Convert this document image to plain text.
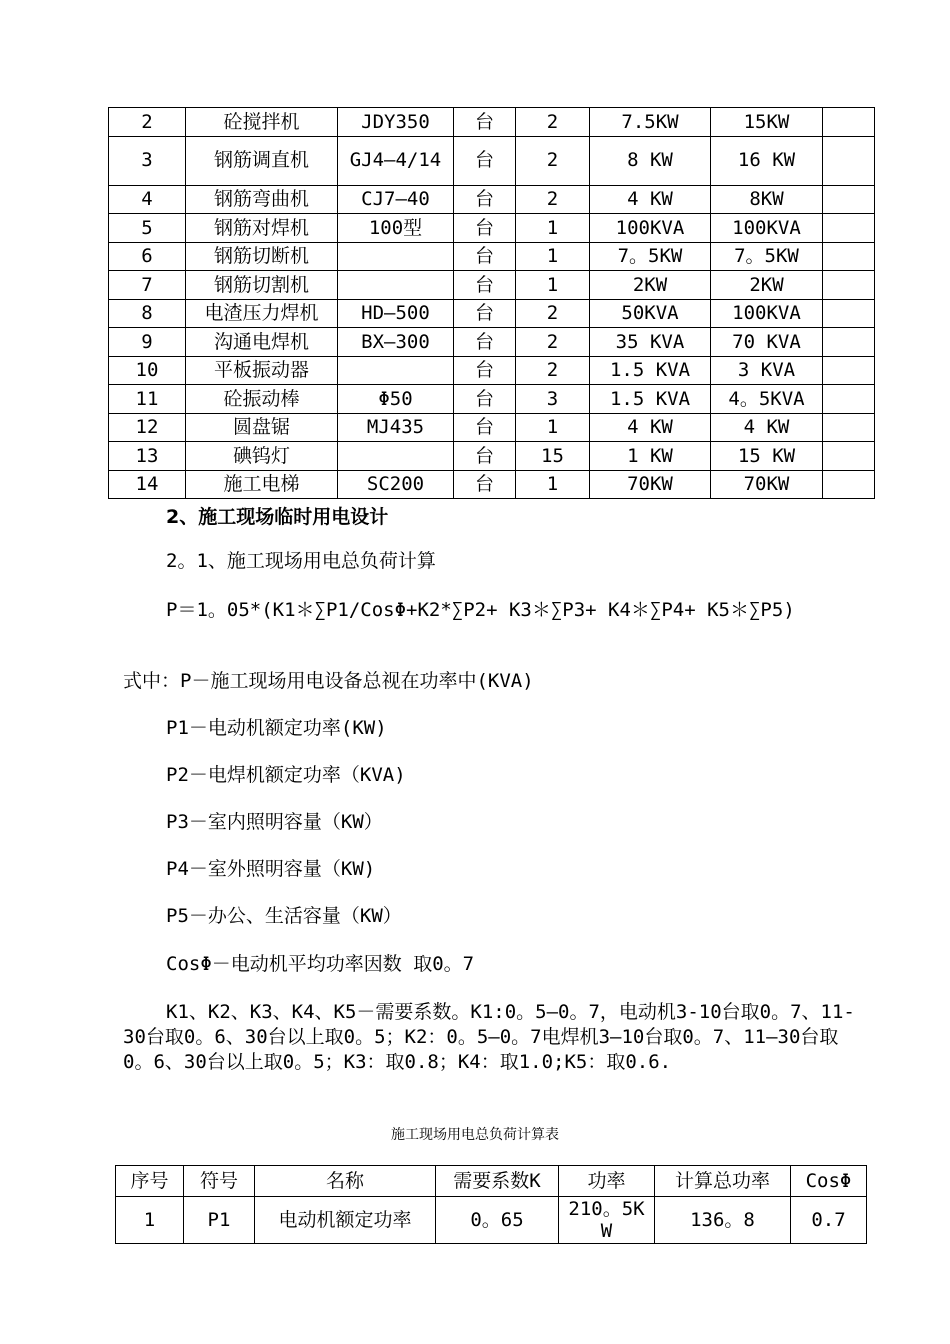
2	砼搅拌机	JDY350	台	2	7.5KW	15KW	
3	钢筋调直机	GJ4—4/14	台	2	8 KW	16 KW	
4	钢筋弯曲机	CJ7—40	台	2	4 KW	8KW	
5	钢筋对焊机	100型	台	1	100KVA	100KVA	
6	钢筋切断机		台	1	7。5KW	7。5KW	
7	钢筋切割机		台	1	2KW	2KW	
8	电渣压力焊机	HD—500	台	2	50KVA	100KVA	
9	沟通电焊机	BX—300	台	2	35 KVA	70 KVA	
10	平板振动器		台	2	1.5 KVA	3 KVA	
11	砼振动棒	Φ50	台	3	1.5 KVA	4。5KVA	
12	圆盘锯	MJ435	台	1	4 KW	4 KW	
13	碘钨灯		台	15	1 KW	15 KW	
14	施工电梯	SC200	台	1	70KW	70KW	
2、施工现场临时用电设计
2。1、施工现场用电总负荷计算
P＝1。05*(K1＊∑P1/CosΦ+K2*∑P2+ K3＊∑P3+ K4＊∑P4+ K5＊∑P5)
式中：P－施工现场用电设备总视在功率中(KVA)
P1－电动机额定功率(KW)
P2－电焊机额定功率（KVA)
P3－室内照明容量（KW）
P4－室外照明容量（KW)
P5－办公、生活容量（KW）
CosΦ－电动机平均功率因数 取0。7
K1、K2、K3、K4、K5－需要系数。K1:0。5—0。7，电动机3-10台取0。7、11-30台取0。6、30台以上取0。5；K2：0。5—0。7电焊机3—10台取0。7、11—30台取0。6、30台以上取0。5；K3：取0.8；K4：取1.0;K5：取0.6.
施工现场用电总负荷计算表
序号	符号	名称	需要系数K	功率	计算总功率	CosΦ
1	P1	电动机额定功率	0。65	210。5KW	136。8	0.7
